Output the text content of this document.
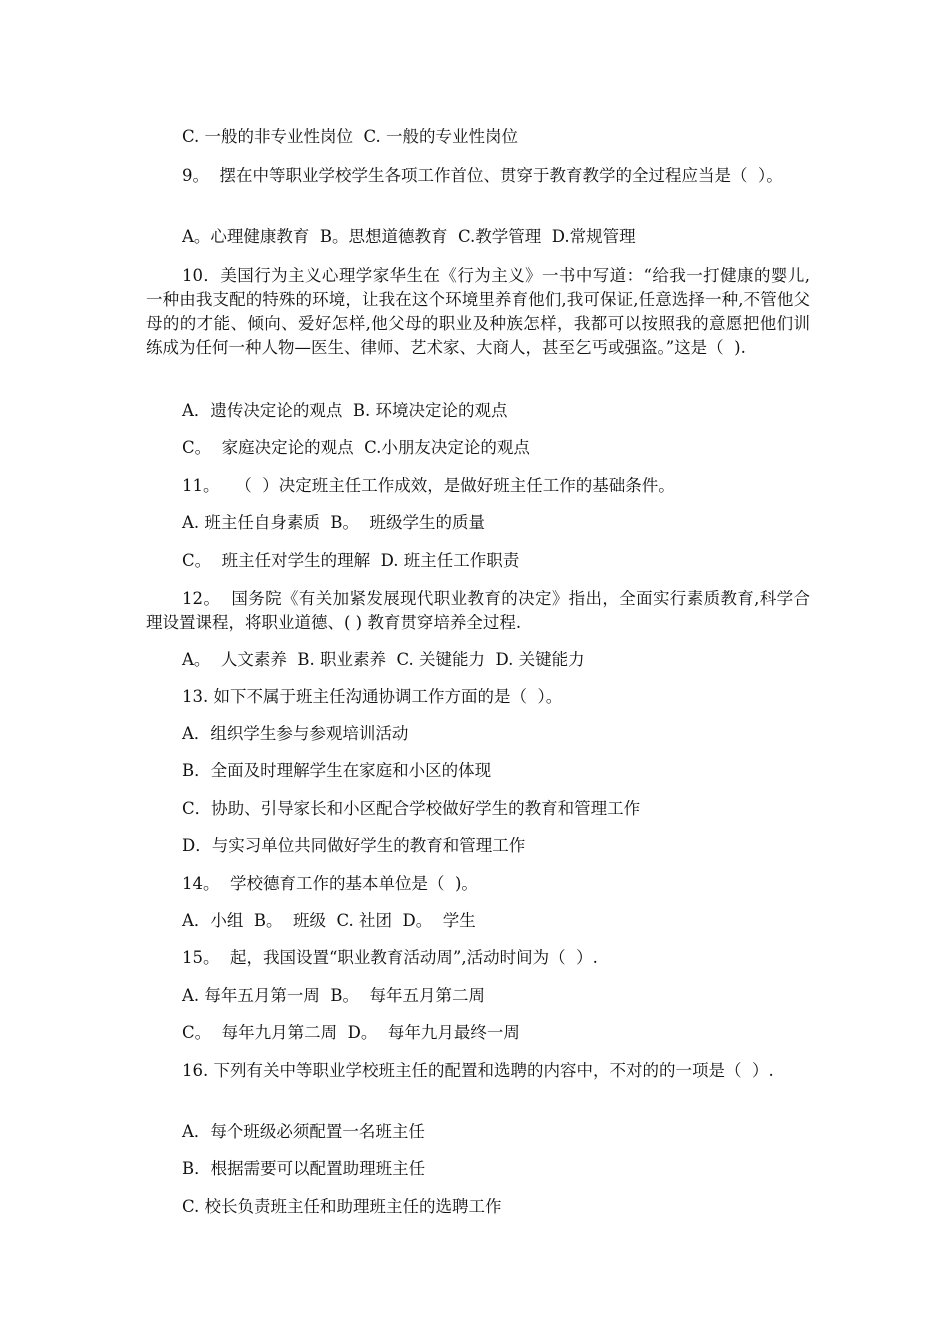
C. 一般的非专业性岗位  C. 一般的专业性岗位

9。  摆在中等职业学校学生各项工作首位、贯穿于教育教学的全过程应当是（  ）。

A。心理健康教育  B。思想道德教育  C.教学管理  D.常规管理

10．美国行为主义心理学家华生在《行为主义》一书中写道：“给我一打健康的婴儿,一种由我支配的特殊的环境，让我在这个环境里养育他们,我可保证,任意选择一种,不管他父母的的才能、倾向、爱好怎样,他父母的职业及种族怎样，我都可以按照我的意愿把他们训练成为任何一种人物—医生、律师、艺术家、大商人，甚至乞丐或强盗。”这是（  ).

A．遗传决定论的观点  B. 环境决定论的观点

C。  家庭决定论的观点  C.小朋友决定论的观点

11。   （  ）决定班主任工作成效，是做好班主任工作的基础条件。

A. 班主任自身素质  B。  班级学生的质量

C。  班主任对学生的理解  D. 班主任工作职责

12。  国务院《有关加紧发展现代职业教育的决定》指出，全面实行素质教育,科学合理设置课程，将职业道德、( ) 教育贯穿培养全过程.

A。  人文素养  B. 职业素养  C. 关键能力  D. 关键能力

13. 如下不属于班主任沟通协调工作方面的是（  ）。

A．组织学生参与参观培训活动

B．全面及时理解学生在家庭和小区的体现

C．协助、引导家长和小区配合学校做好学生的教育和管理工作

D．与实习单位共同做好学生的教育和管理工作

14。  学校德育工作的基本单位是（  )。

A．小组  B。  班级  C. 社团  D。  学生

15。  起，我国设置“职业教育活动周”,活动时间为（  ）.

A. 每年五月第一周  B。  每年五月第二周

C。  每年九月第二周  D。  每年九月最终一周

16. 下列有关中等职业学校班主任的配置和选聘的内容中，不对的的一项是（  ）.

A．每个班级必须配置一名班主任

B．根据需要可以配置助理班主任

C. 校长负责班主任和助理班主任的选聘工作
